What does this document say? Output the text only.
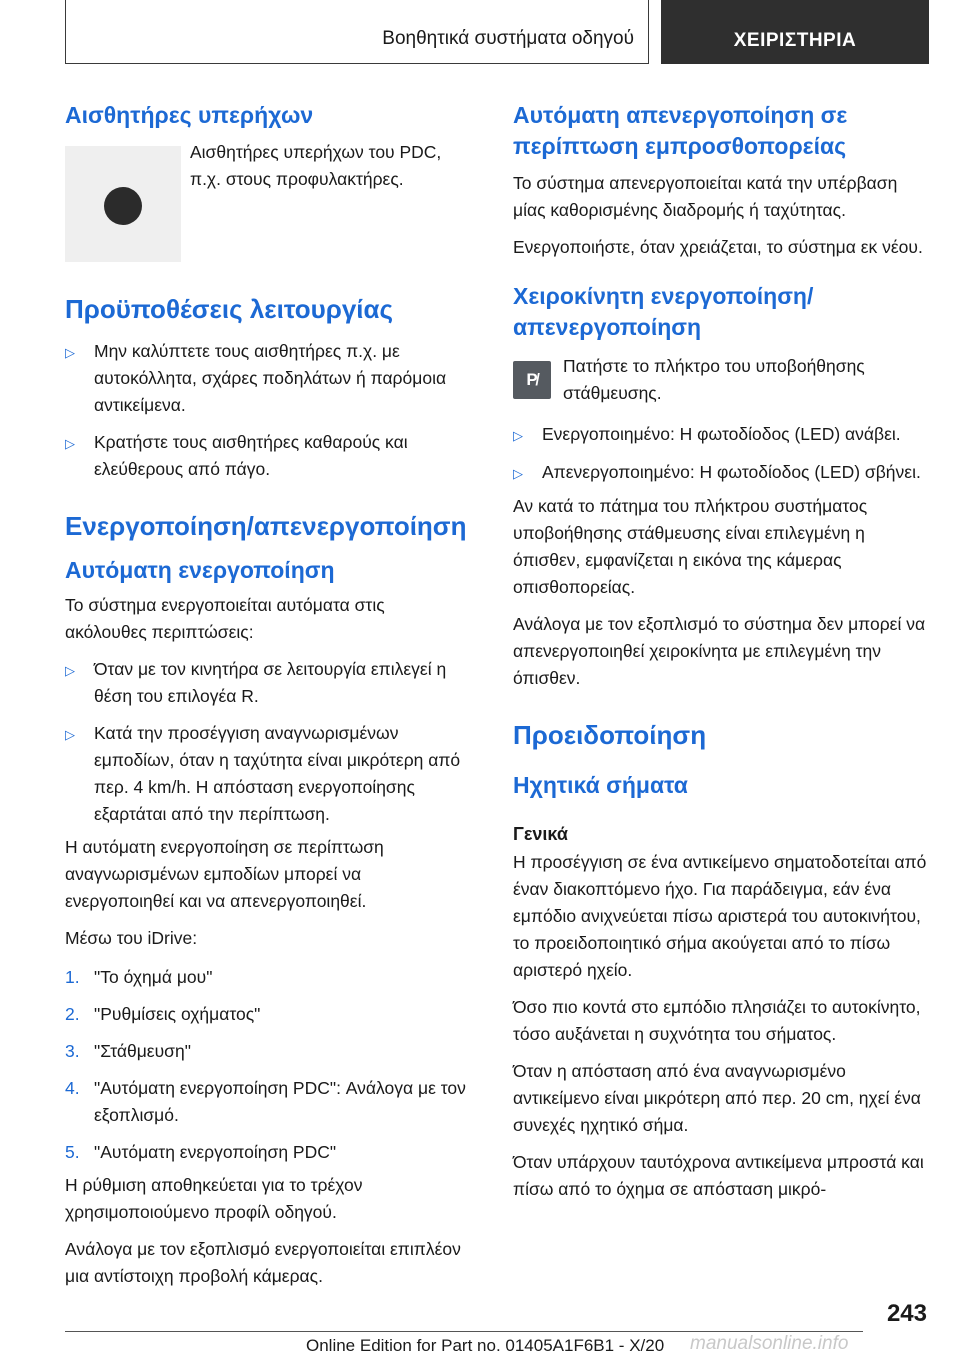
Βοηθητικά συστήματα οδηγού	ΧΕΙΡΙΣΤΗΡΙΑ
Αισθητήρες υπερήχων

Αισθητήρες υπερήχων του PDC, π.χ. στους προφυλακτήρες.

Προϋποθέσεις λειτουργίας
▷	Μην καλύπτετε τους αισθητήρες π.χ. με αυτοκόλλητα, σχάρες ποδηλάτων ή παρόμοια αντικείμενα.
▷	Κρατήστε τους αισθητήρες καθαρούς και ελεύθερους από πάγο.
Ενεργοποίηση/απενεργοποίηση
Αυτόματη ενεργοποίηση

Το σύστημα ενεργοποιείται αυτόματα στις ακόλουθες περιπτώσεις:

▷	Όταν με τον κινητήρα σε λειτουργία επιλεγεί η θέση του επιλογέα R.
▷	Κατά την προσέγγιση αναγνωρισμένων εμποδίων, όταν η ταχύτητα είναι μικρότερη από περ. 4 km/h. Η απόσταση ενεργοποίησης εξαρτάται από την περίπτωση.

Η αυτόματη ενεργοποίηση σε περίπτωση αναγνωρισμένων εμποδίων μπορεί να ενεργοποιηθεί και να απενεργοποιηθεί.

Μέσω του iDrive:

1. "Το όχημά μου"
2. "Ρυθμίσεις οχήματος"
3. "Στάθμευση"
4. "Αυτόματη ενεργοποίηση PDC": Ανάλογα με τον εξοπλισμό.
5. "Αυτόματη ενεργοποίηση PDC"

Η ρύθμιση αποθηκεύεται για το τρέχον χρησιμοποιούμενο προφίλ οδηγού.

Ανάλογα με τον εξοπλισμό ενεργοποιείται επιπλέον μια αντίστοιχη προβολή κάμερας.

Αυτόματη απενεργοποίηση σε περίπτωση εμπροσθοπορείας

Το σύστημα απενεργοποιείται κατά την υπέρβαση μίας καθορισμένης διαδρομής ή ταχύτητας.

Ενεργοποιήστε, όταν χρειάζεται, το σύστημα εκ νέου.

Χειροκίνητη ενεργοποίηση/απενεργοποίηση
P̸

Πατήστε το πλήκτρο του υποβοήθησης στάθμευσης.

▷	Ενεργοποιημένο: Η φωτοδίοδος (LED) ανάβει.
▷	Απενεργοποιημένο: Η φωτοδίοδος (LED) σβήνει.

Αν κατά το πάτημα του πλήκτρου συστήματος υποβοήθησης στάθμευσης είναι επιλεγμένη η όπισθεν, εμφανίζεται η εικόνα της κάμερας οπισθοπορείας.

Ανάλογα με τον εξοπλισμό το σύστημα δεν μπορεί να απενεργοποιηθεί χειροκίνητα με επιλεγμένη την όπισθεν.

Προειδοποίηση
Ηχητικά σήματα
Γενικά

Η προσέγγιση σε ένα αντικείμενο σηματοδοτείται από έναν διακοπτόμενο ήχο. Για παράδειγμα, εάν ένα εμπόδιο ανιχνεύεται πίσω αριστερά του αυτοκινήτου, το προειδοποιητικό σήμα ακούγεται από το πίσω αριστερό ηχείο.

Όσο πιο κοντά στο εμπόδιο πλησιάζει το αυτοκίνητο, τόσο αυξάνεται η συχνότητα του σήματος.

Όταν η απόσταση από ένα αναγνωρισμένο αντικείμενο είναι μικρότερη από περ. 20 cm, ηχεί ένα συνεχές ηχητικό σήμα.

Όταν υπάρχουν ταυτόχρονα αντικείμενα μπροστά και πίσω από το όχημα σε απόσταση μικρό-

243
Online Edition for Part no. 01405A1F6B1 - X/20 manualsonline.info
